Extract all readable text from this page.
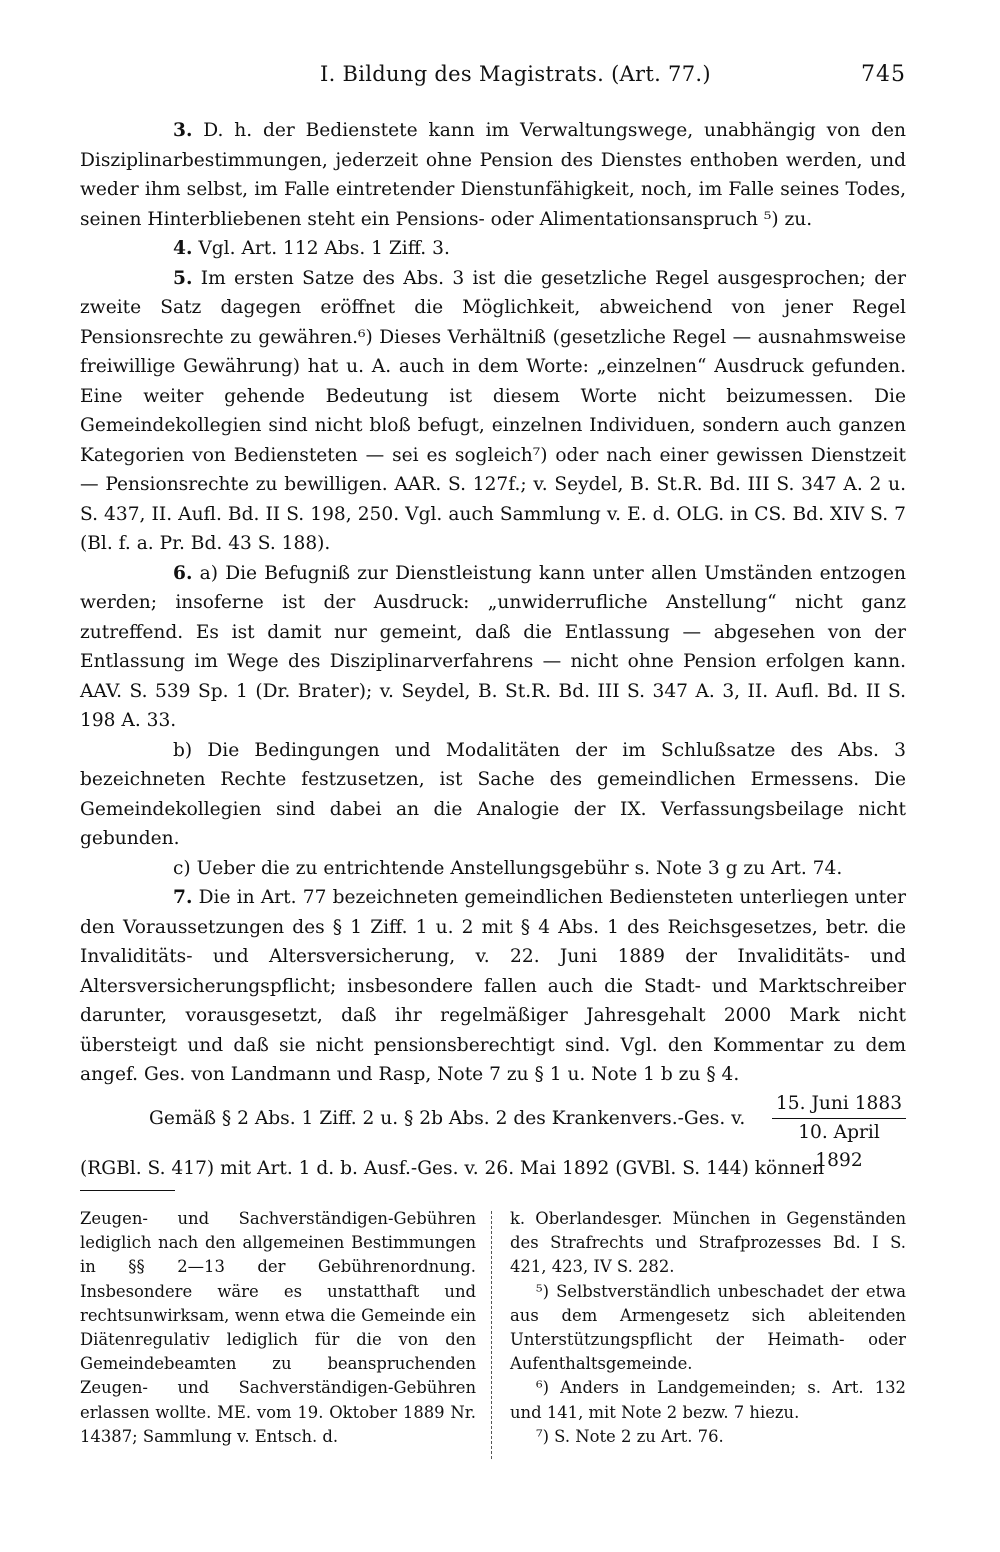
I. Bildung des Magistrats. (Art. 77.)	745

3. D. h. der Bedienstete kann im Verwaltungswege, unabhängig von den Disziplinarbestimmungen, jederzeit ohne Pension des Dienstes enthoben werden, und weder ihm selbst, im Falle eintretender Dienstunfähigkeit, noch, im Falle seines Todes, seinen Hinterbliebenen steht ein Pensions- oder Alimentationsanspruch ⁵) zu.

4. Vgl. Art. 112 Abs. 1 Ziff. 3.

5. Im ersten Satze des Abs. 3 ist die gesetzliche Regel ausgesprochen; der zweite Satz dagegen eröffnet die Möglichkeit, abweichend von jener Regel Pensionsrechte zu gewähren.⁶) Dieses Verhältniß (gesetzliche Regel — ausnahmsweise freiwillige Gewährung) hat u. A. auch in dem Worte: „einzelnen“ Ausdruck gefunden. Eine weiter gehende Bedeutung ist diesem Worte nicht beizumessen. Die Gemeindekollegien sind nicht bloß befugt, einzelnen Individuen, sondern auch ganzen Kategorien von Bediensteten — sei es sogleich⁷) oder nach einer gewissen Dienstzeit — Pensionsrechte zu bewilligen. AAR. S. 127f.; v. Seydel, B. St.R. Bd. III S. 347 A. 2 u. S. 437, II. Aufl. Bd. II S. 198, 250. Vgl. auch Sammlung v. E. d. OLG. in CS. Bd. XIV S. 7 (Bl. f. a. Pr. Bd. 43 S. 188).

6. a) Die Befugniß zur Dienstleistung kann unter allen Umständen entzogen werden; insoferne ist der Ausdruck: „unwiderrufliche Anstellung“ nicht ganz zutreffend. Es ist damit nur gemeint, daß die Entlassung — abgesehen von der Entlassung im Wege des Disziplinarverfahrens — nicht ohne Pension erfolgen kann. AAV. S. 539 Sp. 1 (Dr. Brater); v. Seydel, B. St.R. Bd. III S. 347 A. 3, II. Aufl. Bd. II S. 198 A. 33.

b) Die Bedingungen und Modalitäten der im Schlußsatze des Abs. 3 bezeichneten Rechte festzusetzen, ist Sache des gemeindlichen Ermessens. Die Gemeindekollegien sind dabei an die Analogie der IX. Verfassungsbeilage nicht gebunden.

c) Ueber die zu entrichtende Anstellungsgebühr s. Note 3 g zu Art. 74.

7. Die in Art. 77 bezeichneten gemeindlichen Bediensteten unterliegen unter den Voraussetzungen des § 1 Ziff. 1 u. 2 mit § 4 Abs. 1 des Reichsgesetzes, betr. die Invaliditäts- und Altersversicherung, v. 22. Juni 1889 der Invaliditäts- und Altersversicherungspflicht; insbesondere fallen auch die Stadt- und Marktschreiber darunter, vorausgesetzt, daß ihr regelmäßiger Jahresgehalt 2000 Mark nicht übersteigt und daß sie nicht pensionsberechtigt sind. Vgl. den Kommentar zu dem angef. Ges. von Landmann und Rasp, Note 7 zu § 1 u. Note 1 b zu § 4.

Gemäß § 2 Abs. 1 Ziff. 2 u. § 2b Abs. 2 des Krankenvers.-Ges. v.
15. Juni 1883
10. April 1892

(RGBl. S. 417) mit Art. 1 d. b. Ausf.-Ges. v. 26. Mai 1892 (GVBl. S. 144) können

Zeugen- und Sachverständigen-Gebühren lediglich nach den allgemeinen Bestimmungen in §§ 2—13 der Gebührenordnung. Insbesondere wäre es unstatthaft und rechtsunwirksam, wenn etwa die Gemeinde ein Diätenregulativ lediglich für die von den Gemeindebeamten zu beanspruchenden Zeugen- und Sachverständigen-Gebühren erlassen wollte. ME. vom 19. Oktober 1889 Nr. 14387; Sammlung v. Entsch. d.

k. Oberlandesger. München in Gegenständen des Strafrechts und Strafprozesses Bd. I S. 421, 423, IV S. 282.

⁵) Selbstverständlich unbeschadet der etwa aus dem Armengesetz sich ableitenden Unterstützungspflicht der Heimath- oder Aufenthaltsgemeinde.

⁶) Anders in Landgemeinden; s. Art. 132 und 141, mit Note 2 bezw. 7 hiezu.

⁷) S. Note 2 zu Art. 76.
